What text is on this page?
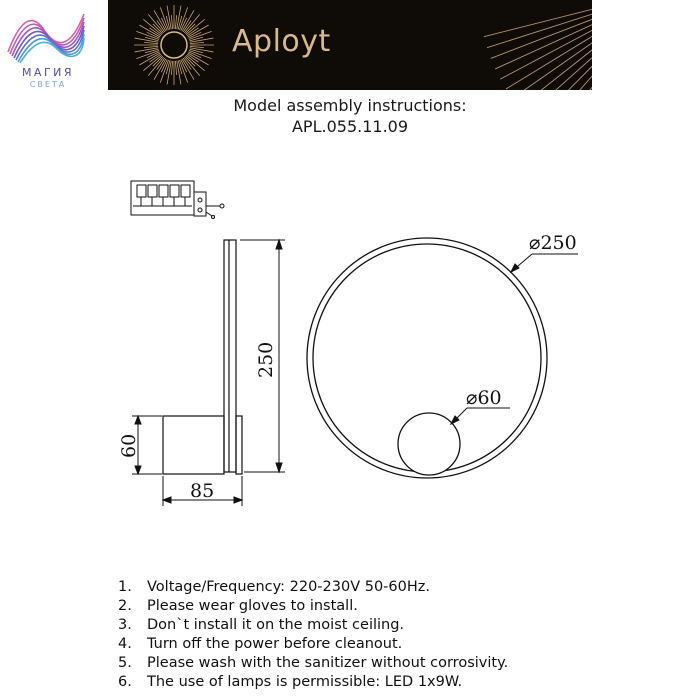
МАГИЯ
СВЕТА
Aployt
Model assembly instructions:
APL.055.11.09
250
60
85
⌀250
⌀60
1. Voltage/Frequency: 220-230V 50-60Hz.
2. Please wear gloves to install.
3. Don`t install it on the moist ceiling.
4. Turn off the power before cleanout.
5. Please wash with the sanitizer without corrosivity.
6. The use of lamps is permissible: LED 1x9W.
